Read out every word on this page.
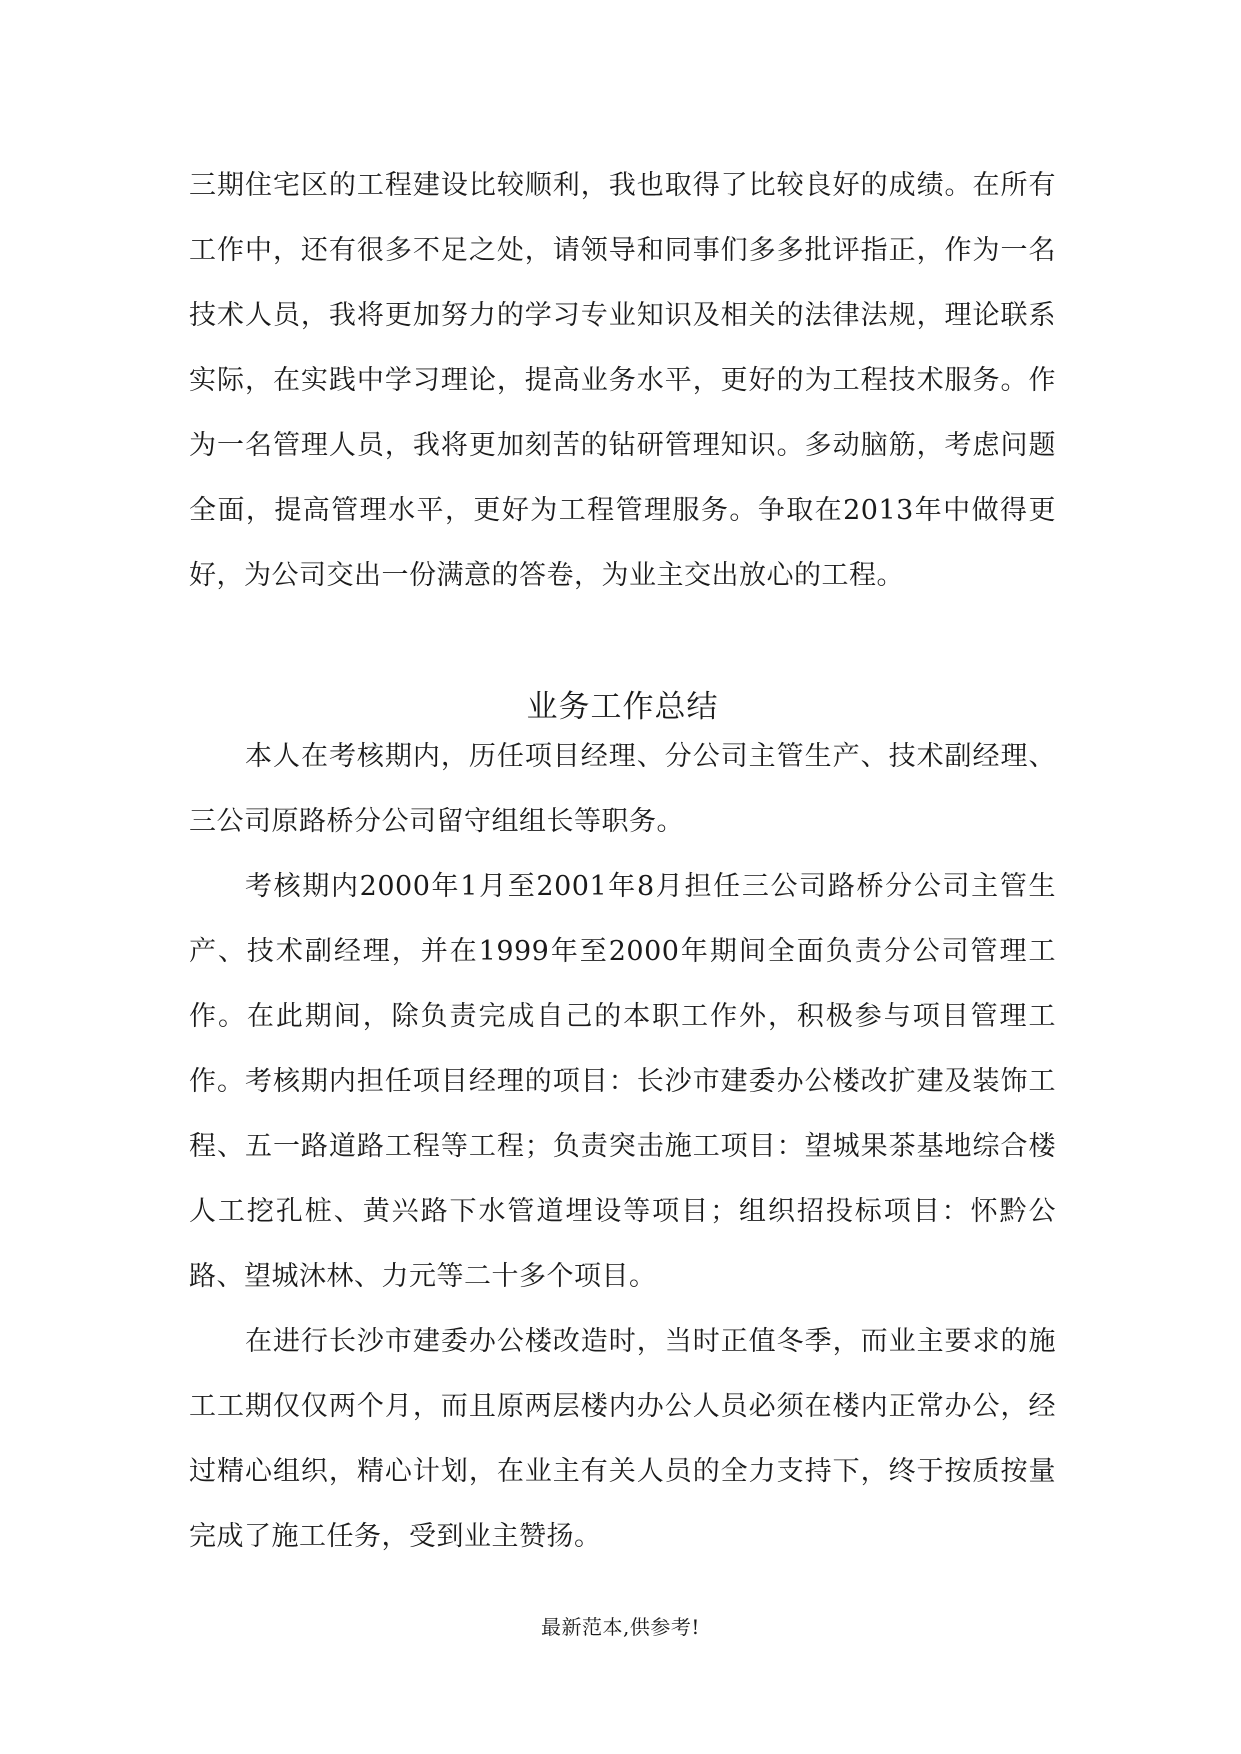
三期住宅区的工程建设比较顺利，我也取得了比较良好的成绩。在所有工作中，还有很多不足之处，请领导和同事们多多批评指正，作为一名技术人员，我将更加努力的学习专业知识及相关的法律法规，理论联系实际，在实践中学习理论，提高业务水平，更好的为工程技术服务。作为一名管理人员，我将更加刻苦的钻研管理知识。多动脑筋，考虑问题全面，提高管理水平，更好为工程管理服务。争取在2013年中做得更好，为公司交出一份满意的答卷，为业主交出放心的工程。

业务工作总结

本人在考核期内，历任项目经理、分公司主管生产、技术副经理、三公司原路桥分公司留守组组长等职务。

考核期内2000年1月至2001年8月担任三公司路桥分公司主管生产、技术副经理，并在1999年至2000年期间全面负责分公司管理工作。在此期间，除负责完成自己的本职工作外，积极参与项目管理工作。考核期内担任项目经理的项目：长沙市建委办公楼改扩建及装饰工程、五一路道路工程等工程；负责突击施工项目：望城果茶基地综合楼人工挖孔桩、黄兴路下水管道埋设等项目；组织招投标项目：怀黔公路、望城沐林、力元等二十多个项目。

在进行长沙市建委办公楼改造时，当时正值冬季，而业主要求的施工工期仅仅两个月，而且原两层楼内办公人员必须在楼内正常办公，经过精心组织，精心计划，在业主有关人员的全力支持下，终于按质按量完成了施工任务，受到业主赞扬。

最新范本,供参考!
